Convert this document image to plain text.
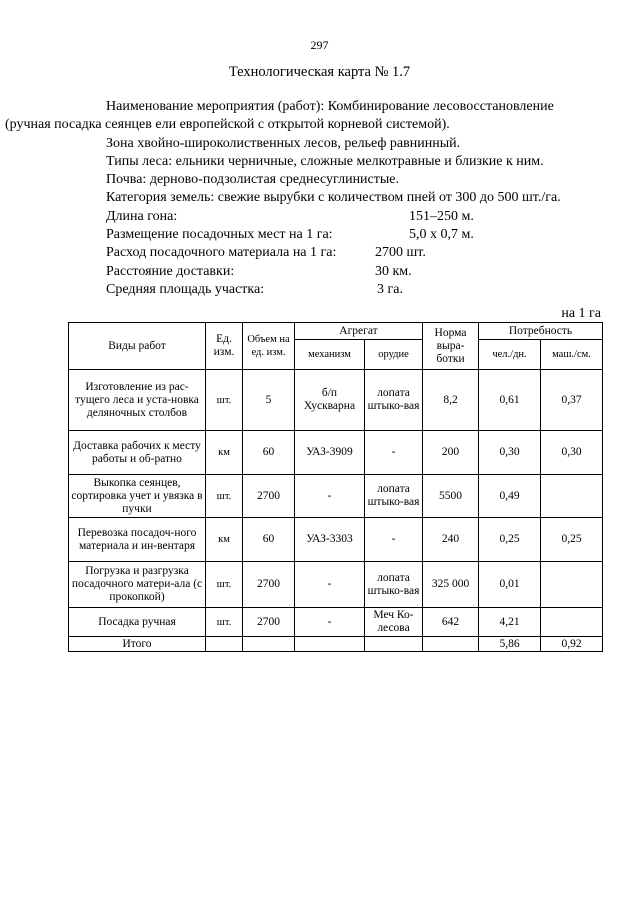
297
Технологическая карта № 1.7

Наименование мероприятия (работ): Комбинирование лесовосстановление

(ручная посадка сеянцев ели европейской с открытой корневой системой).

Зона хвойно-широколиственных лесов, рельеф равнинный.

Типы леса: ельники черничные, сложные мелкотравные и близкие к ним.

Почва: дерново-подзолистая среднесуглинистые.

Категория земель: свежие вырубки с количеством пней от 300 до 500 шт./га.

Длина гона:	151–250 м.
Размещение посадочных мест на 1 га:	5,0 х 0,7 м.
Расход посадочного материала на 1 га:	2700 шт.
Расстояние доставки:	30 км.
Средняя площадь участка:	3 га.
на 1 га
Виды работ	Ед. изм.	Объем на ед. изм.	Агрегат		Норма выра-ботки	Потребность	
			механизм	орудие		чел./дн.	маш./см.
Изготовление из рас-тущего леса и уста-новка деляночных столбов	шт.	5	б/п Хускварна	лопата штыко-вая	8,2	0,61	0,37
Доставка рабочих к месту работы и об-ратно	км	60	УАЗ-3909	-	200	0,30	0,30
Выкопка сеянцев, сортировка учет и увязка в пучки	шт.	2700	-	лопата штыко-вая	5500	0,49	
Перевозка посадоч-ного материала и ин-вентаря	км	60	УАЗ-3303	-	240	0,25	0,25
Погрузка и разгрузка посадочного матери-ала (с прокопкой)	шт.	2700	-	лопата штыко-вая	325 000	0,01	
Посадка ручная	шт.	2700	-	Меч Ко-лесова	642	4,21	
Итого						5,86	0,92
